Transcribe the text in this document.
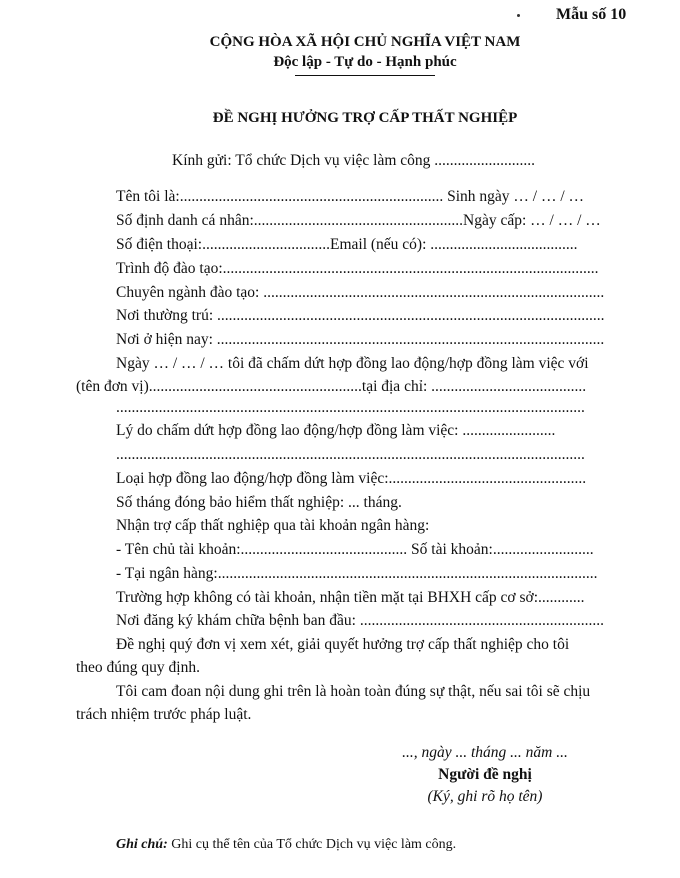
Mẫu số 10
CỘNG HÒA XÃ HỘI CHỦ NGHĨA VIỆT NAM
Độc lập - Tự do - Hạnh phúc
ĐỀ NGHỊ HƯỞNG TRỢ CẤP THẤT NGHIỆP
Kính gửi: Tổ chức Dịch vụ việc làm công ..........................
Tên tôi là:.................................................................... Sinh ngày … / … / …
Số định danh cá nhân:......................................................Ngày cấp: … / … / …
Số điện thoại:.................................Email (nếu có): ......................................
Trình độ đào tạo:.................................................................................................
Chuyên ngành đào tạo: ........................................................................................
Nơi thường trú: ....................................................................................................
Nơi ở hiện nay: ....................................................................................................
Ngày … / … / … tôi đã chấm dứt hợp đồng lao động/hợp đồng làm việc với
(tên đơn vị).......................................................tại địa chỉ: ........................................
.........................................................................................................................
Lý do chấm dứt hợp đồng lao động/hợp đồng làm việc: ........................
.........................................................................................................................
Loại hợp đồng lao động/hợp đồng làm việc:...................................................
Số tháng đóng bảo hiểm thất nghiệp: ... tháng.
Nhận trợ cấp thất nghiệp qua tài khoản ngân hàng:
- Tên chủ tài khoản:........................................... Số tài khoản:..........................
- Tại ngân hàng:..................................................................................................
Trường hợp không có tài khoản, nhận tiền mặt tại BHXH cấp cơ sở:............
Nơi đăng ký khám chữa bệnh ban đầu: ...............................................................
Đề nghị quý đơn vị xem xét, giải quyết hưởng trợ cấp thất nghiệp cho tôi
theo đúng quy định.
Tôi cam đoan nội dung ghi trên là hoàn toàn đúng sự thật, nếu sai tôi sẽ chịu
trách nhiệm trước pháp luật.
..., ngày ... tháng ... năm ...
Người đề nghị
(Ký, ghi rõ họ tên)
Ghi chú: Ghi cụ thể tên của Tổ chức Dịch vụ việc làm công.
